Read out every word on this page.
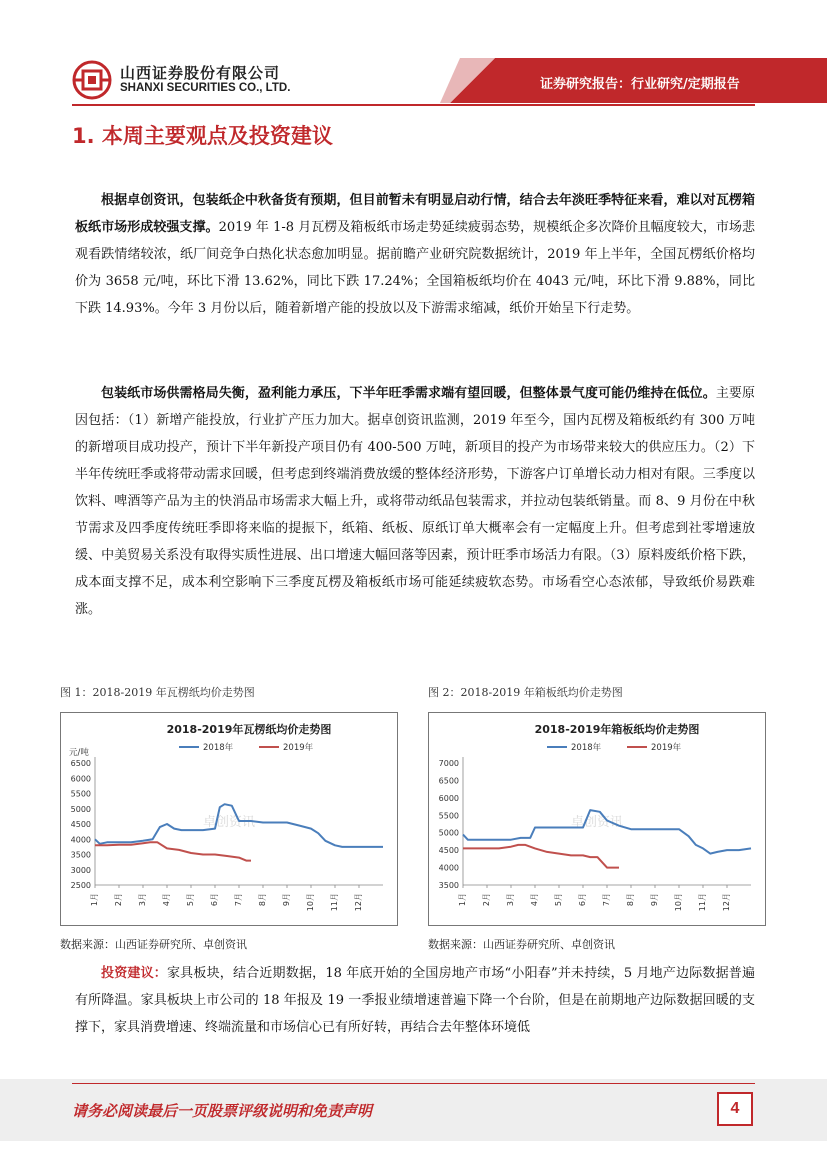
山西证券股份有限公司
SHANXI SECURITIES CO., LTD.	证券研究报告：行业研究/定期报告
1. 本周主要观点及投资建议

根据卓创资讯，包装纸企中秋备货有预期，但目前暂未有明显启动行情，结合去年淡旺季特征来看，难以对瓦楞箱板纸市场形成较强支撑。2019 年 1-8 月瓦楞及箱板纸市场走势延续疲弱态势，规模纸企多次降价且幅度较大，市场悲观看跌情绪较浓，纸厂间竞争白热化状态愈加明显。据前瞻产业研究院数据统计，2019 年上半年，全国瓦楞纸价格均价为 3658 元/吨，环比下滑 13.62%，同比下跌 17.24%；全国箱板纸均价在 4043 元/吨，环比下滑 9.88%，同比下跌 14.93%。今年 3 月份以后，随着新增产能的投放以及下游需求缩减，纸价开始呈下行走势。

包装纸市场供需格局失衡，盈利能力承压，下半年旺季需求端有望回暖，但整体景气度可能仍维持在低位。主要原因包括：（1）新增产能投放，行业扩产压力加大。据卓创资讯监测，2019 年至今，国内瓦楞及箱板纸约有 300 万吨的新增项目成功投产，预计下半年新投产项目仍有 400-500 万吨，新项目的投产为市场带来较大的供应压力。（2）下半年传统旺季或将带动需求回暖，但考虑到终端消费放缓的整体经济形势，下游客户订单增长动力相对有限。三季度以饮料、啤酒等产品为主的快消品市场需求大幅上升，或将带动纸品包装需求，并拉动包装纸销量。而 8、9 月份在中秋节需求及四季度传统旺季即将来临的提振下，纸箱、纸板、原纸订单大概率会有一定幅度上升。但考虑到社零增速放缓、中美贸易关系没有取得实质性进展、出口增速大幅回落等因素，预计旺季市场活力有限。（3）原料废纸价格下跌，成本面支撑不足，成本利空影响下三季度瓦楞及箱板纸市场可能延续疲软态势。市场看空心态浓郁，导致纸价易跌难涨。

图 1：2018-2019 年瓦楞纸均价走势图	图 2：2018-2019 年箱板纸均价走势图
2018-2019年瓦楞纸均价走势图
元/吨	2018年	2019年
2500
3000
3500
4000
4500
5000
5500
6000
6500
1月 2月 3月 4月 5月 6月 7月 8月 9月 10月 11月 12月
卓创资讯
2018-2019年箱板纸均价走势图
2018年	2019年
3500
4000
4500
5000
5500
6000
6500
7000
1月 2月 3月 4月 5月 6月 7月 8月 9月 10月 11月 12月
卓创资讯
数据来源：山西证券研究所、卓创资讯	数据来源：山西证券研究所、卓创资讯

投资建议：家具板块，结合近期数据，18 年底开始的全国房地产市场“小阳春”并未持续，5 月地产边际数据普遍有所降温。家具板块上市公司的 18 年报及 19 一季报业绩增速普遍下降一个台阶，但是在前期地产边际数据回暖的支撑下，家具消费增速、终端流量和市场信心已有所好转，再结合去年整体环境低

请务必阅读最后一页股票评级说明和免责声明	4
